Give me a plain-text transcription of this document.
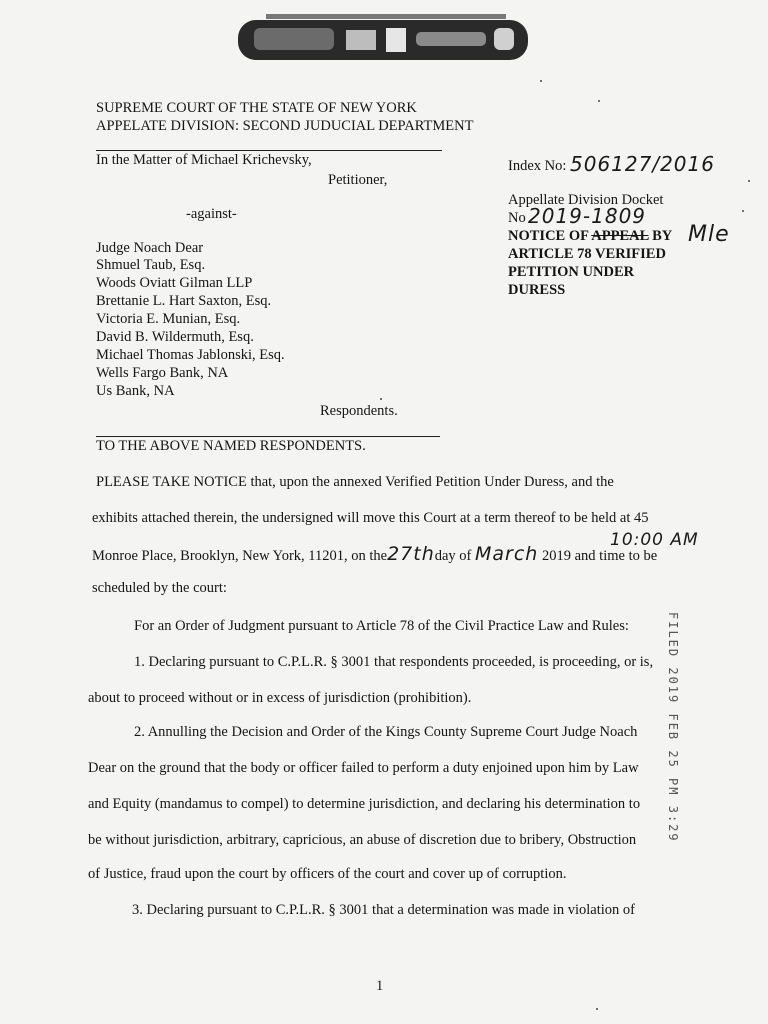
SUPREME COURT OF THE STATE OF NEW YORK
APPELATE DIVISION: SECOND JUDUCIAL DEPARTMENT
In the Matter of Michael Krichevsky,
Petitioner,
-against-
Judge Noach Dear
Shmuel Taub, Esq.
Woods Oviatt Gilman LLP
Brettanie L. Hart Saxton, Esq.
Victoria E. Munian, Esq.
David B. Wildermuth, Esq.
Michael Thomas Jablonski, Esq.
Wells Fargo Bank, NA
Us Bank, NA
Respondents.
Index No: 506127/2016
Appellate Division Docket
No 2019-1809
NOTICE OF APPEAL BY Mle
ARTICLE 78 VERIFIED
PETITION UNDER
DURESS
TO THE ABOVE NAMED RESPONDENTS.
PLEASE TAKE NOTICE that, upon the annexed Verified Petition Under Duress, and the
exhibits attached therein, the undersigned will move this Court at a term thereof to be held at 45
Monroe Place, Brooklyn, New York, 11201, on the27thday of March 2019 and time to be
10:00 AM
scheduled by the court:
For an Order of Judgment pursuant to Article 78 of the Civil Practice Law and Rules:
1. Declaring pursuant to C.P.L.R. § 3001 that respondents proceeded, is proceeding, or is,
about to proceed without or in excess of jurisdiction (prohibition).
2. Annulling the Decision and Order of the Kings County Supreme Court Judge Noach
Dear on the ground that the body or officer failed to perform a duty enjoined upon him by Law
and Equity (mandamus to compel) to determine jurisdiction, and declaring his determination to
be without jurisdiction, arbitrary, capricious, an abuse of discretion due to bribery, Obstruction
of Justice, fraud upon the court by officers of the court and cover up of corruption.
3. Declaring pursuant to C.P.L.R. § 3001 that a determination was made in violation of
FILED 2019 FEB 25 PM 3:29
1
